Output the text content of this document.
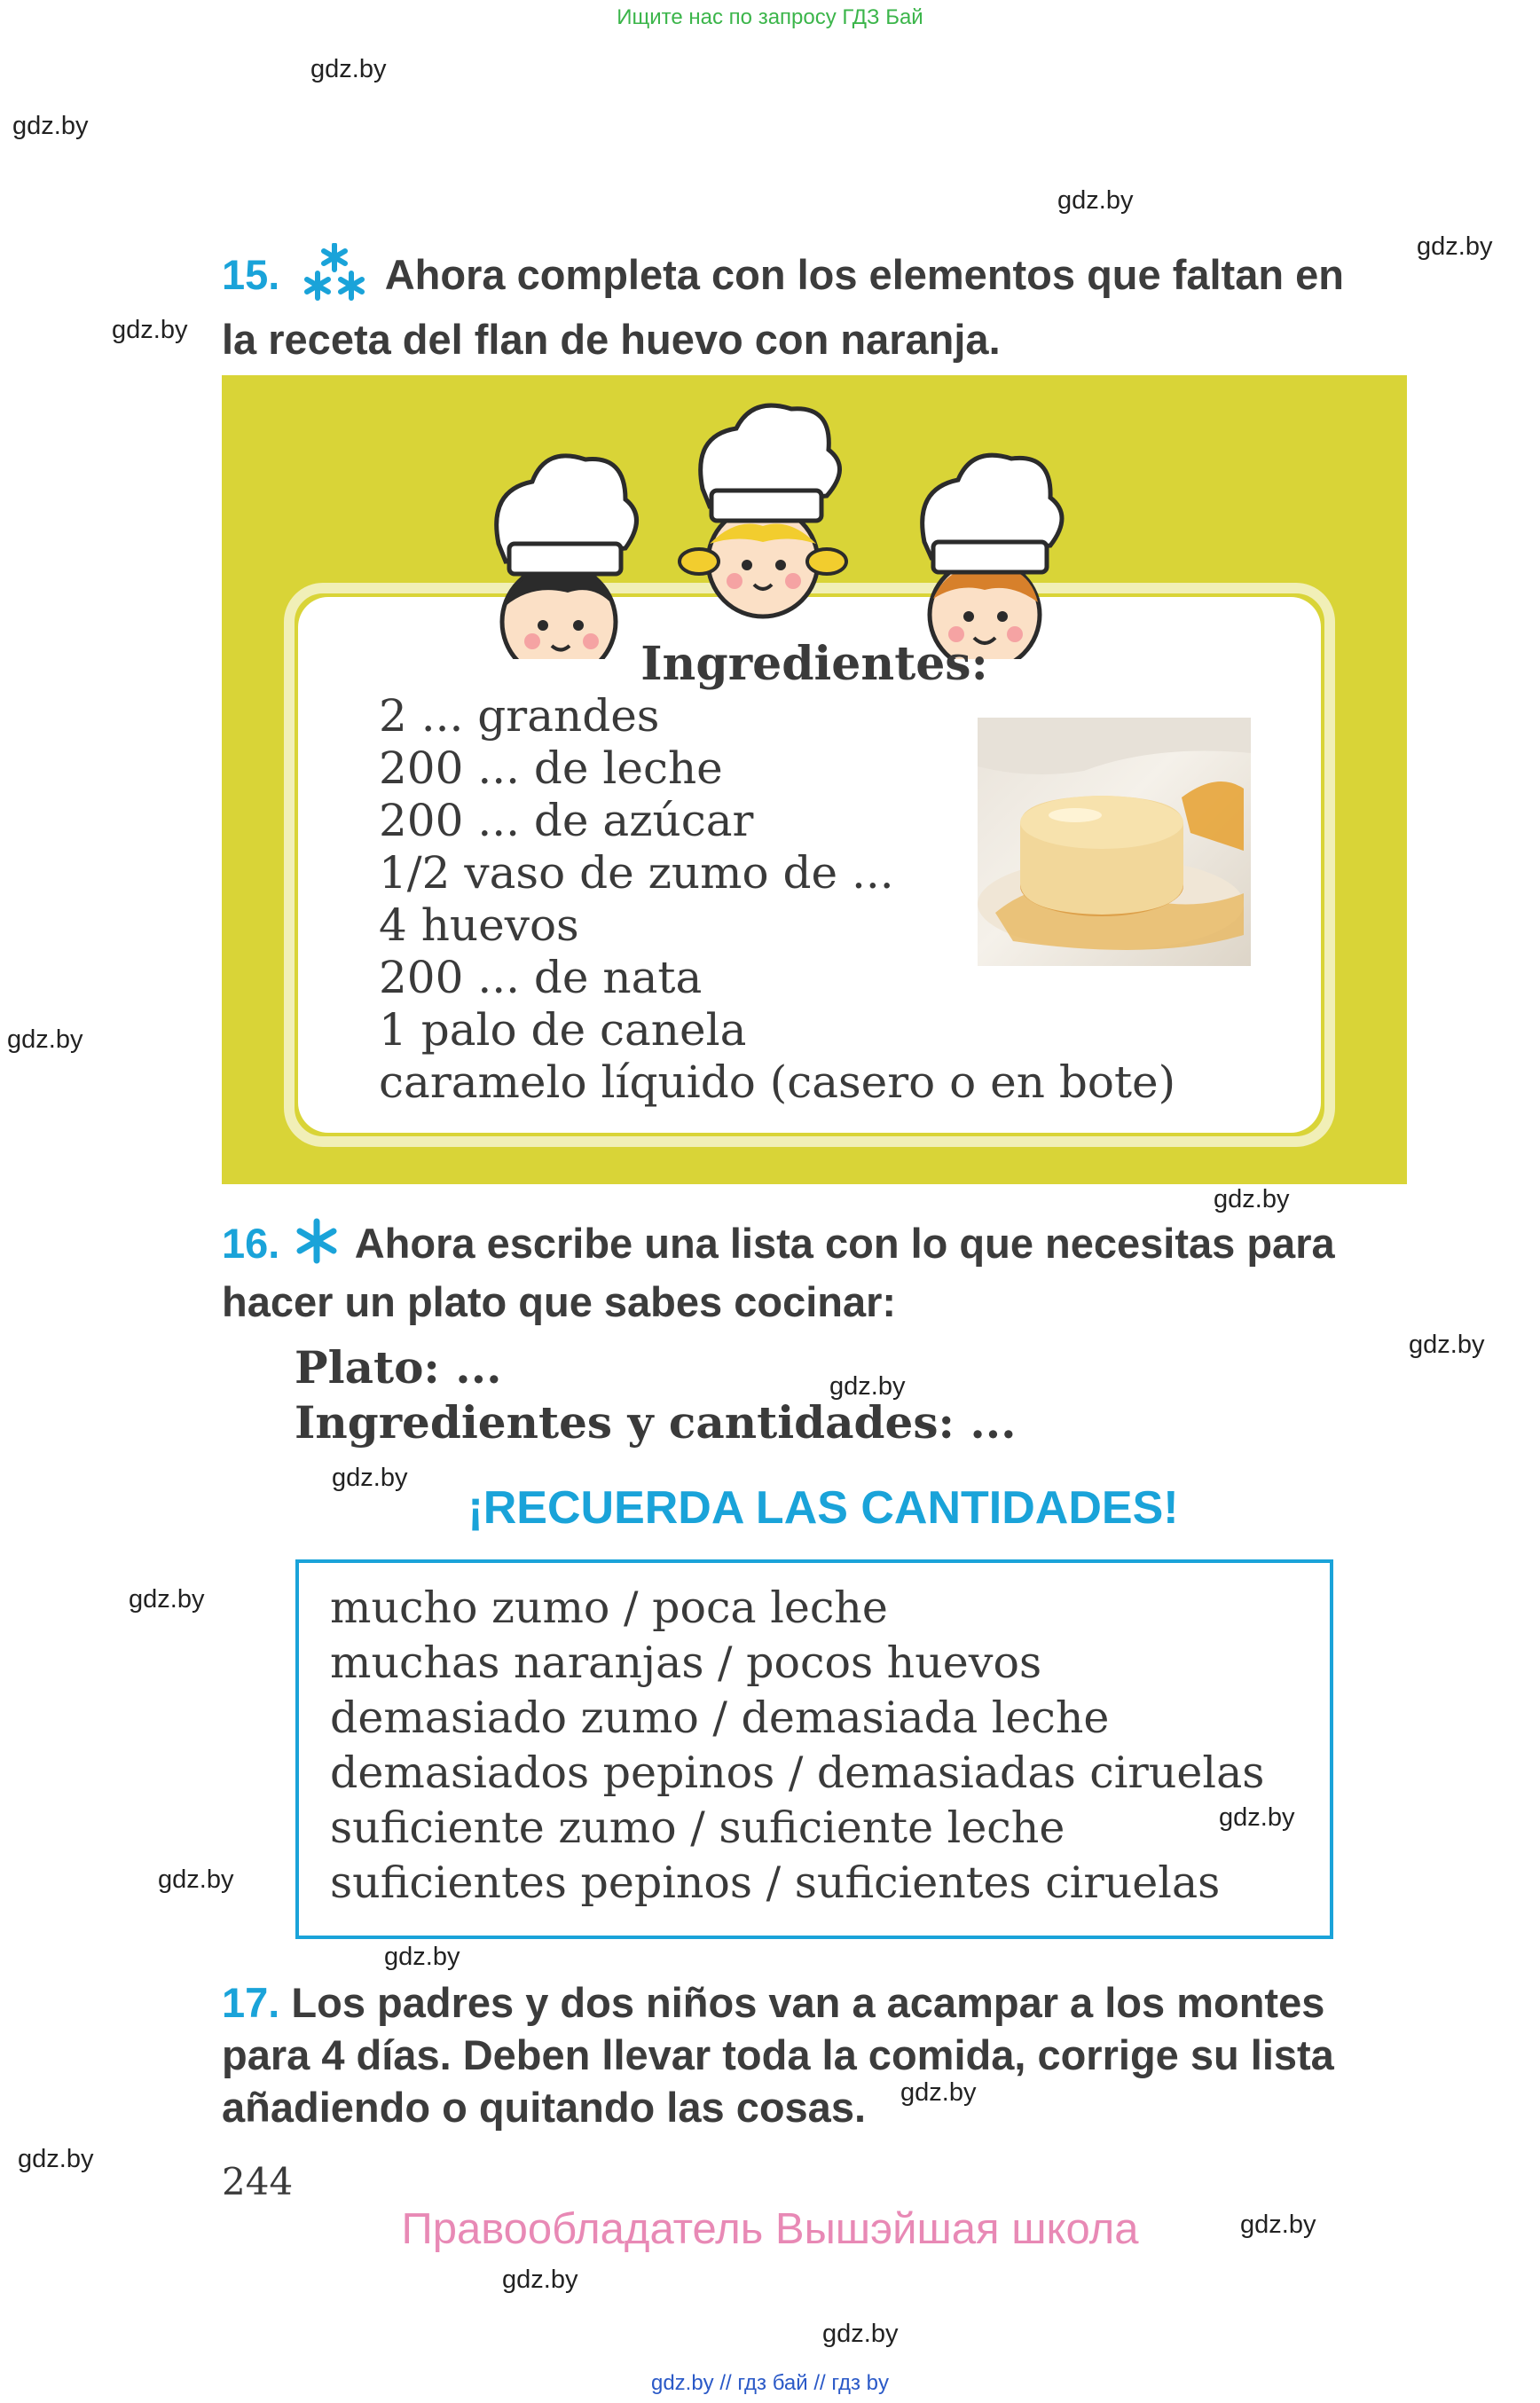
Ищите нас по запросу ГДЗ Бай
gdz.by
gdz.by
gdz.by
gdz.by
gdz.by
gdz.by
gdz.by
gdz.by
gdz.by
gdz.by
gdz.by
gdz.by
gdz.by
gdz.by
gdz.by
gdz.by
gdz.by
gdz.by
gdz.by
15.	Ahora completa con los elementos que faltan en
la receta del flan de huevo con naranja.
Ingredientes:
2 ... grandes
200 ... de leche
200 ... de azúcar
1/2 vaso de zumo de ...
4 huevos
200 ... de nata
1 palo de canela
caramelo líquido (casero o en bote)
16. Ahora escribe una lista con lo que necesitas para
hacer un plato que sabes cocinar:
Plato: ...
Ingredientes y cantidades: ...
¡RECUERDA LAS CANTIDADES!
mucho zumo / poca leche
muchas naranjas / pocos huevos
demasiado zumo / demasiada leche
demasiados pepinos / demasiadas ciruelas
suficiente zumo / suficiente leche
suficientes pepinos / suficientes ciruelas
17. Los padres y dos niños van a acampar a los montes
para 4 días. Deben llevar toda la comida, corrige su lista
añadiendo o quitando las cosas.
244
Правообладатель Вышэйшая школа
gdz.by // гдз бай // гдз by
